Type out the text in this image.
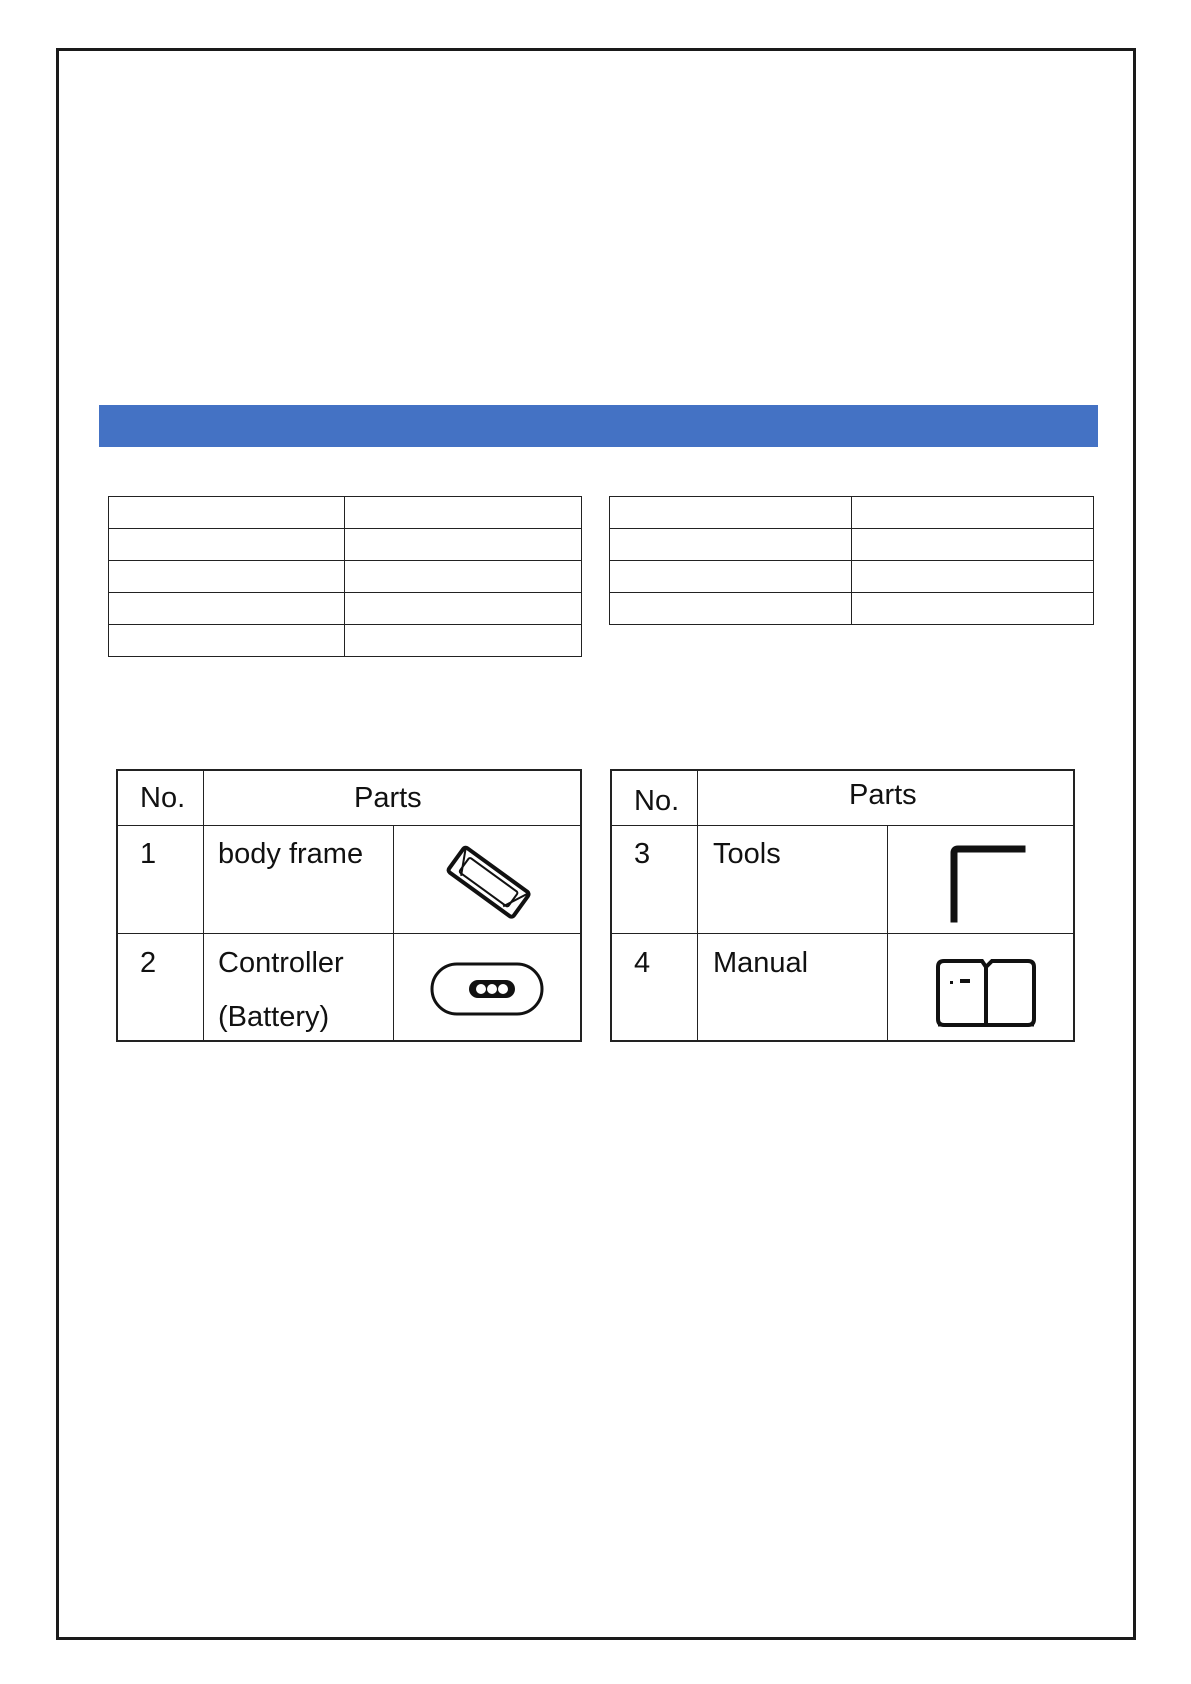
No.	Parts
1 body frame
2 Controller
(Battery)
No.	Parts
3 Tools
4 Manual
